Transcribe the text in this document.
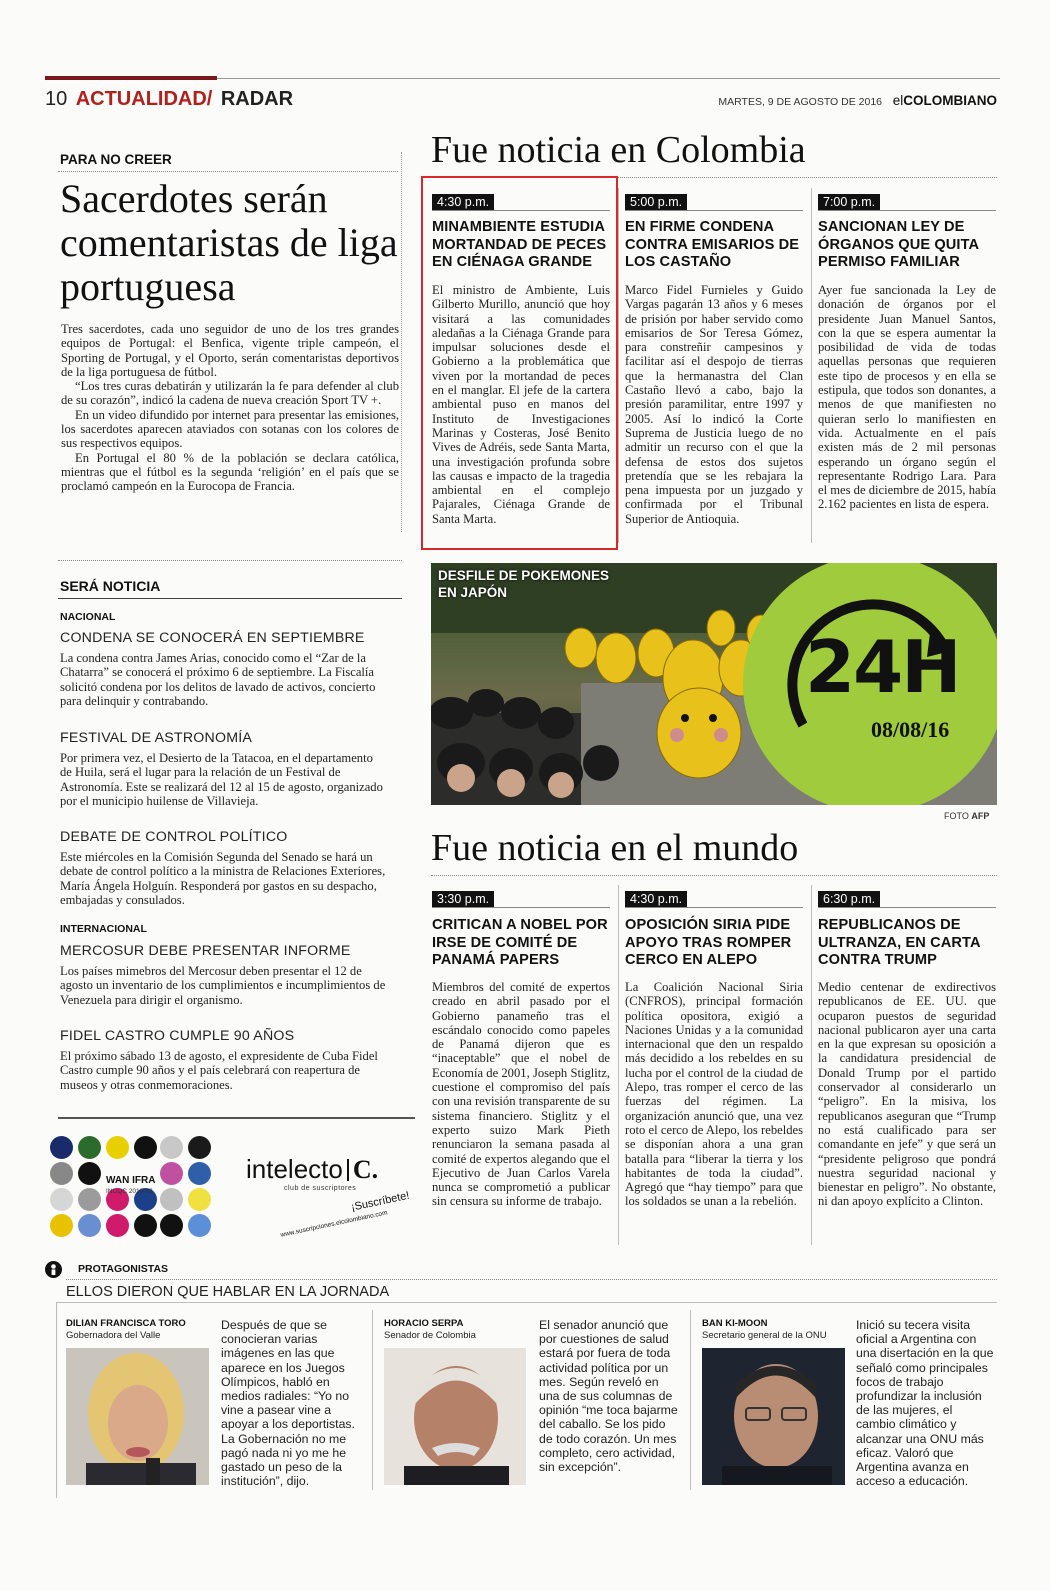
10 ACTUALIDAD/ RADAR	MARTES, 9 DE AGOSTO DE 2016 elCOLOMBIANO
PARA NO CREER
Sacerdotes serán comentaristas de liga portuguesa

Tres sacerdotes, cada uno seguidor de uno de los tres grandes equipos de Portugal: el Benfica, vigente triple campeón, el Sporting de Portugal, y el Oporto, serán comentaristas deportivos de la liga portuguesa de fútbol.

“Los tres curas debatirán y utilizarán la fe para defender al club de su corazón”, indicó la cadena de nueva creación Sport TV +.

En un video difundido por internet para presentar las emisiones, los sacerdotes aparecen ataviados con sotanas con los colores de sus respectivos equipos.

En Portugal el 80 % de la población se declara católica, mientras que el fútbol es la segunda ‘religión’ en el país que se proclamó campeón en la Eurocopa de Francia.

Fue noticia en Colombia
4:30 p.m.
MINAMBIENTE ESTUDIA MORTANDAD DE PECES EN CIÉNAGA GRANDE
El ministro de Ambiente, Luis Gilberto Murillo, anunció que hoy visitará a las comunidades aledañas a la Ciénaga Grande para impulsar soluciones desde el Gobierno a la problemática que viven por la mortandad de peces en el manglar. El jefe de la cartera ambiental puso en manos del Instituto de Investigaciones Marinas y Costeras, José Benito Vives de Adréis, sede Santa Marta, una investigación profunda sobre las causas e impacto de la tragedia ambiental en el complejo Pajarales, Ciénaga Grande de Santa Marta.
5:00 p.m.
EN FIRME CONDENA CONTRA EMISARIOS DE LOS CASTAÑO
Marco Fidel Furnieles y Guido Vargas pagarán 13 años y 6 meses de prisión por haber servido como emisarios de Sor Teresa Gómez, para constreñir campesinos y facilitar así el despojo de tierras que la hermanastra del Clan Castaño llevó a cabo, bajo la presión paramilitar, entre 1997 y 2005. Así lo indicó la Corte Suprema de Justicia luego de no admitir un recurso con el que la defensa de estos dos sujetos pretendía que se les rebajara la pena impuesta por un juzgado y confirmada por el Tribunal Superior de Antioquia.
7:00 p.m.
SANCIONAN LEY DE ÓRGANOS QUE QUITA PERMISO FAMILIAR
Ayer fue sancionada la Ley de donación de órganos por el presidente Juan Manuel Santos, con la que se espera aumentar la posibilidad de vida de todas aquellas personas que requieren este tipo de procesos y en ella se estipula, que todos son donantes, a menos de que manifiesten no quieran serlo lo manifiesten en vida. Actualmente en el país existen más de 2 mil personas esperando un órgano según el representante Rodrigo Lara. Para el mes de diciembre de 2015, había 2.162 pacientes en lista de espera.
SERÁ NOTICIA
NACIONAL
CONDENA SE CONOCERÁ EN SEPTIEMBRE
La condena contra James Arias, conocido como el “Zar de la Chatarra” se conocerá el próximo 6 de septiembre. La Fiscalía solicitó condena por los delitos de lavado de activos, concierto para delinquir y contrabando.
FESTIVAL DE ASTRONOMÍA
Por primera vez, el Desierto de la Tatacoa, en el departamento de Huila, será el lugar para la relación de un Festival de Astronomía. Este se realizará del 12 al 15 de agosto, organizado por el municipio huilense de Villavieja.
DEBATE DE CONTROL POLÍTICO
Este miércoles en la Comisión Segunda del Senado se hará un debate de control político a la ministra de Relaciones Exteriores, María Ángela Holguín. Responderá por gastos en su despacho, embajadas y consulados.
INTERNACIONAL
MERCOSUR DEBE PRESENTAR INFORME
Los países mimebros del Mercosur deben presentar el 12 de agosto un inventario de los cumplimientos e incumplimientos de Venezuela para dirigir el organismo.
FIDEL CASTRO CUMPLE 90 AÑOS
El próximo sábado 13 de agosto, el expresidente de Cuba Fidel Castro cumple 90 años y el país celebrará con reapertura de museos y otras conmemoraciones.
DESFILE DE POKEMONES EN JAPÓN
24H
08/08/16
FOTO AFP
Fue noticia en el mundo
3:30 p.m.
CRITICAN A NOBEL POR IRSE DE COMITÉ DE PANAMÁ PAPERS
Miembros del comité de expertos creado en abril pasado por el Gobierno panameño tras el escándalo conocido como papeles de Panamá dijeron que es “inaceptable” que el nobel de Economía de 2001, Joseph Stiglitz, cuestione el compromiso del país con una revisión transparente de su sistema financiero. Stiglitz y el experto suizo Mark Pieth renunciaron la semana pasada al comité de expertos alegando que el Ejecutivo de Juan Carlos Varela nunca se comprometió a publicar sin censura su informe de trabajo.
4:30 p.m.
OPOSICIÓN SIRIA PIDE APOYO TRAS ROMPER CERCO EN ALEPO
La Coalición Nacional Siria (CNFROS), principal formación política opositora, exigió a Naciones Unidas y a la comunidad internacional que den un respaldo más decidido a los rebeldes en su lucha por el control de la ciudad de Alepo, tras romper el cerco de las fuerzas del régimen. La organización anunció que, una vez roto el cerco de Alepo, los rebeldes se disponían ahora a una gran batalla para “liberar la tierra y los habitantes de toda la ciudad”. Agregó que “hay tiempo” para que los soldados se unan a la rebelión.
6:30 p.m.
REPUBLICANOS DE ULTRANZA, EN CARTA CONTRA TRUMP
Medio centenar de exdirectivos republicanos de EE. UU. que ocuparon puestos de seguridad nacional publicaron ayer una carta en la que expresan su oposición a la candidatura presidencial de Donald Trump por el partido conservador al considerarlo un “peligro”. En la misiva, los republicanos aseguran que “Trump no está cualificado para ser comandante en jefe” y que será un “presidente peligroso que pondrá nuestra seguridad nacional y bienestar en peligro”. No obstante, ni dan apoyo explícito a Clinton.
WAN IFRA
INCQC 2016-18
intelecto C.
club de suscriptores
¡Suscríbete!
www.suscripciones.elcolombiano.com
PROTAGONISTAS
ELLOS DIERON QUE HABLAR EN LA JORNADA
DILIAN FRANCISCA TORO
Gobernadora del Valle
Después de que se conocieran varias imágenes en las que aparece en los Juegos Olímpicos, habló en medios radiales: “Yo no vine a pasear vine a apoyar a los deportistas. La Gobernación no me pagó nada ni yo me he gastado un peso de la institución”, dijo.
HORACIO SERPA
Senador de Colombia
El senador anunció que por cuestiones de salud estará por fuera de toda actividad política por un mes. Según reveló en una de sus columnas de opinión “me toca bajarme del caballo. Se los pido de todo corazón. Un mes completo, cero actividad, sin excepción”.
BAN KI-MOON
Secretario general de la ONU
Inició su tecera visita oficial a Argentina con una disertación en la que señaló como principales focos de trabajo profundizar la inclusión de las mujeres, el cambio climático y alcanzar una ONU más eficaz. Valoró que Argentina avanza en acceso a educación.
